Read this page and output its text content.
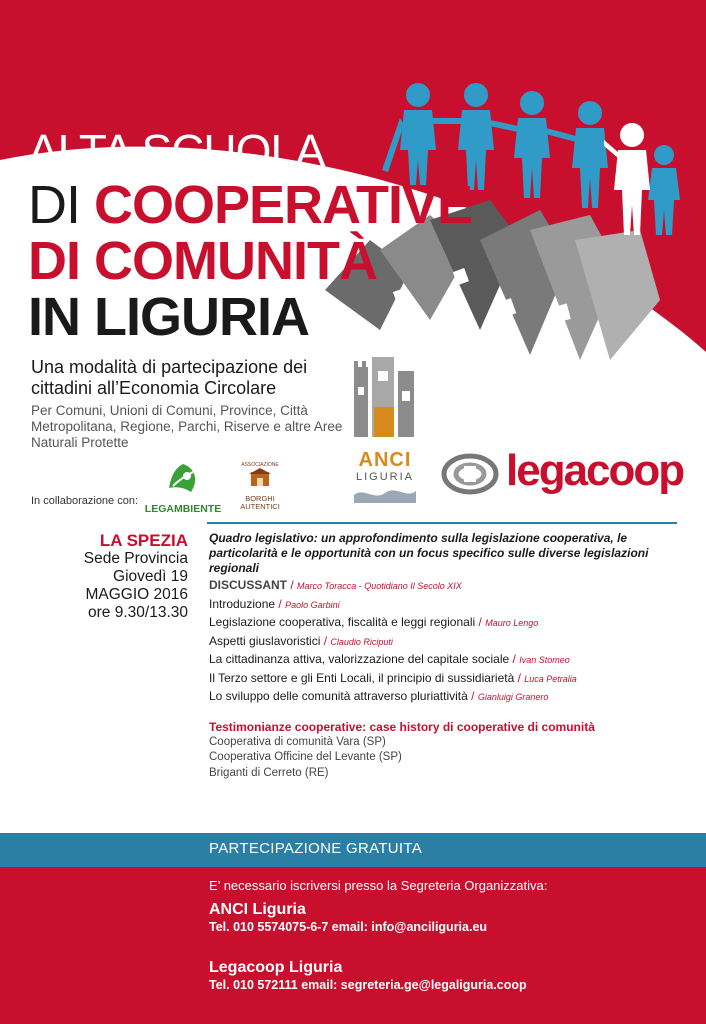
ALTA SCUOLA
DI COOPERATIVE
DI COMUNITÀ
IN LIGURIA
Una modalità di partecipazione dei cittadini all’Economia Circolare
Per Comuni, Unioni di Comuni, Province, Città Metropolitana, Regione, Parchi, Riserve e altre Aree Naturali Protette
In collaborazione con:
LEGAMBIENTE
ASSOCIAZIONE
BORGHI AUTENTICI
ANCI
LIGURIA legacoop
LA SPEZIA
Sede Provincia
Giovedì 19
MAGGIO 2016
ore 9.30/13.30
Quadro legislativo: un approfondimento sulla legislazione cooperativa, le particolarità e le opportunità con un focus specifico sulle diverse legislazioni regionali
DISCUSSANT / Marco Toracca - Quotidiano Il Secolo XIX
Introduzione / Paolo Garbini
Legislazione cooperativa, fiscalità e leggi regionali / Mauro Lengo
Aspetti giuslavoristici / Claudio Riciputi
La cittadinanza attiva, valorizzazione del capitale sociale / Ivan Stomeo
Il Terzo settore e gli Enti Locali, il principio di sussidiarietà / Luca Petralia
Lo sviluppo delle comunità attraverso pluriattività / Gianluigi Granero
Testimonianze cooperative: case history di cooperative di comunità
Cooperativa di comunità Vara (SP)
Cooperativa Officine del Levante (SP)
Briganti di Cerreto (RE)
PARTECIPAZIONE GRATUITA
E’ necessario iscriversi presso la Segreteria Organizzativa:
ANCI Liguria
Tel. 010 5574075-6-7 email: info@anciliguria.eu
Legacoop Liguria
Tel. 010 572111 email: segreteria.ge@legaliguria.coop
